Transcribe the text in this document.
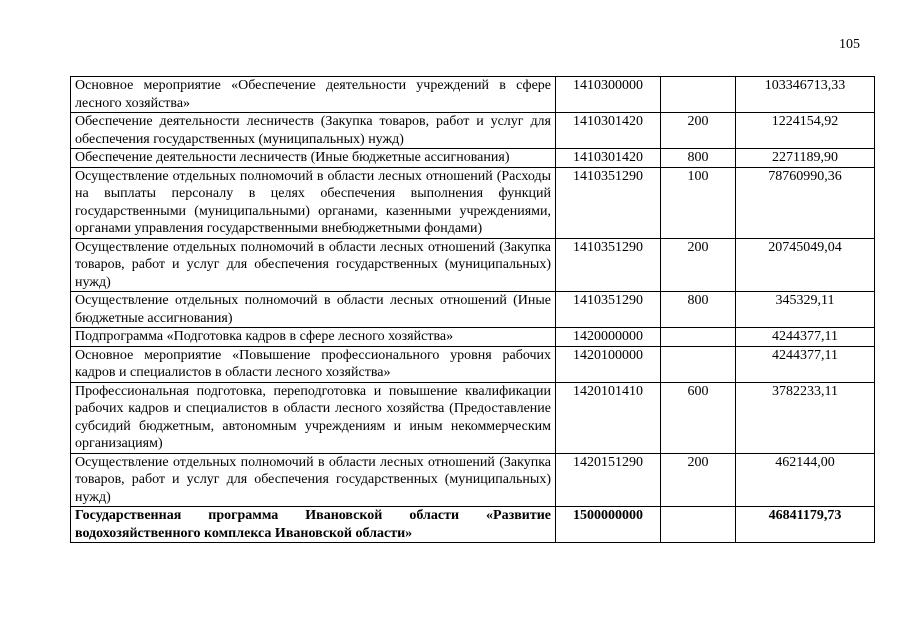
105
Основное мероприятие «Обеспечение деятельности учреждений в сфере лесного хозяйства»	1410300000		103346713,33
Обеспечение деятельности лесничеств (Закупка товаров, работ и услуг для обеспечения государственных (муниципальных) нужд)	1410301420	200	1224154,92
Обеспечение деятельности лесничеств (Иные бюджетные ассигнования)	1410301420	800	2271189,90
Осуществление отдельных полномочий в области лесных отношений (Расходы на выплаты персоналу в целях обеспечения выполнения функций государственными (муниципальными) органами, казенными учреждениями, органами управления государственными внебюджетными фондами)	1410351290	100	78760990,36
Осуществление отдельных полномочий в области лесных отношений (Закупка товаров, работ и услуг для обеспечения государственных (муниципальных) нужд)	1410351290	200	20745049,04
Осуществление отдельных полномочий в области лесных отношений (Иные бюджетные ассигнования)	1410351290	800	345329,11
Подпрограмма «Подготовка кадров в сфере лесного хозяйства»	1420000000		4244377,11
Основное мероприятие «Повышение профессионального уровня рабочих кадров и специалистов в области лесного хозяйства»	1420100000		4244377,11
Профессиональная подготовка, переподготовка и повышение квалификации рабочих кадров и специалистов в области лесного хозяйства (Предоставление субсидий бюджетным, автономным учреждениям и иным некоммерческим организациям)	1420101410	600	3782233,11
Осуществление отдельных полномочий в области лесных отношений (Закупка товаров, работ и услуг для обеспечения государственных (муниципальных) нужд)	1420151290	200	462144,00
Государственная программа Ивановской области «Развитие водохозяйственного комплекса Ивановской области»	1500000000		46841179,73
